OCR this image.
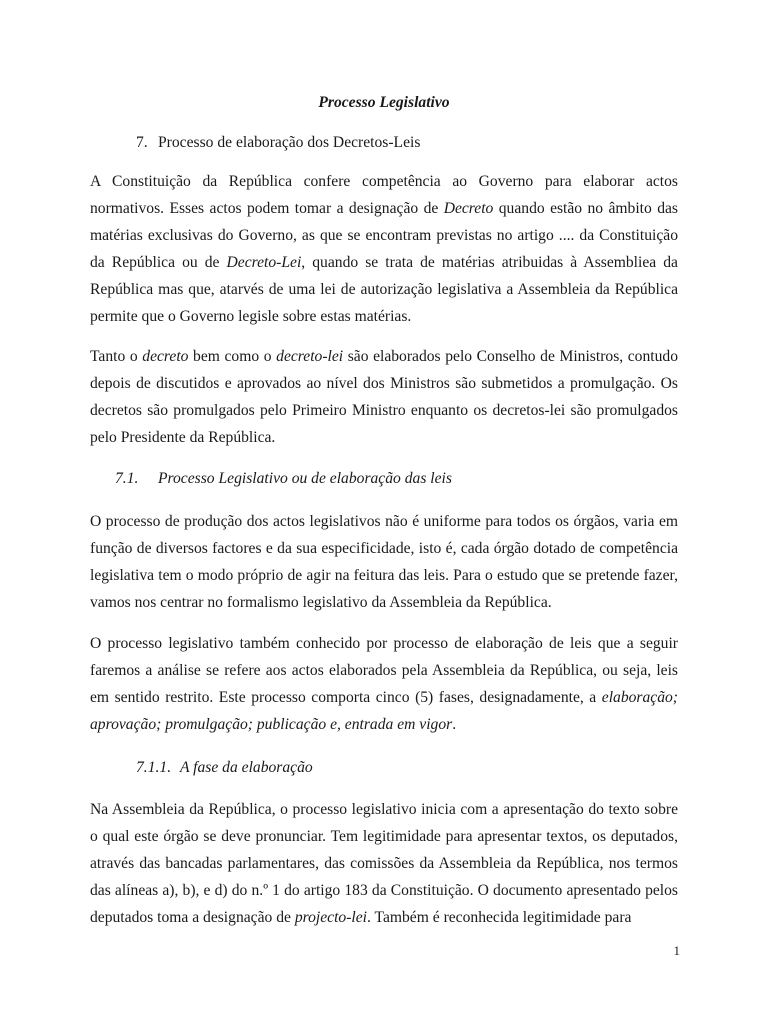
Processo Legislativo
7. Processo de elaboração dos Decretos-Leis

A Constituição da República confere competência ao Governo para elaborar actos normativos. Esses actos podem tomar a designação de Decreto quando estão no âmbito das matérias exclusivas do Governo, as que se encontram previstas no artigo .... da Constituição da República ou de Decreto-Lei, quando se trata de matérias atribuidas à Assembliea da República mas que, atarvés de uma lei de autorização legislativa a Assembleia da República permite que o Governo legisle sobre estas matérias.

Tanto o decreto bem como o decreto-lei são elaborados pelo Conselho de Ministros, contudo depois de discutidos e aprovados ao nível dos Ministros são submetidos a promulgação. Os decretos são promulgados pelo Primeiro Ministro enquanto os decretos-lei são promulgados pelo Presidente da República.

7.1. Processo Legislativo ou de elaboração das leis

O processo de produção dos actos legislativos não é uniforme para todos os órgãos, varia em função de diversos factores e da sua especificidade, isto é, cada órgão dotado de competência legislativa tem o modo próprio de agir na feitura das leis. Para o estudo que se pretende fazer, vamos nos centrar no formalismo legislativo da Assembleia da República.

O processo legislativo também conhecido por processo de elaboração de leis que a seguir faremos a análise se refere aos actos elaborados pela Assembleia da República, ou seja, leis em sentido restrito. Este processo comporta cinco (5) fases, designadamente, a elaboração; aprovação; promulgação; publicação e, entrada em vigor.

7.1.1. A fase da elaboração

Na Assembleia da República, o processo legislativo inicia com a apresentação do texto sobre o qual este órgão se deve pronunciar. Tem legitimidade para apresentar textos, os deputados, através das bancadas parlamentares, das comissões da Assembleia da República, nos termos das alíneas a), b), e d) do n.º 1 do artigo 183 da Constituição. O documento apresentado pelos deputados toma a designação de projecto-lei. Também é reconhecida legitimidade para

1
